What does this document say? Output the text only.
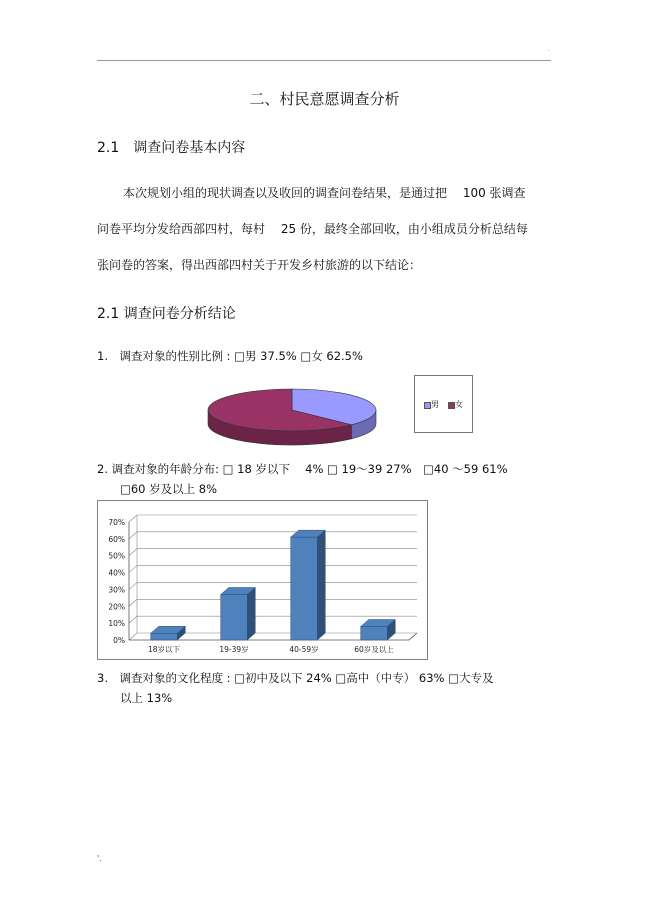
·
二、村民意愿调查分析
2.1　调查问卷基本内容
本次规划小组的现状调查以及收回的调查问卷结果，是通过把　 100 张调查
问卷平均分发给西部四村，每村　 25 份，最终全部回收，由小组成员分析总结每
张问卷的答案，得出西部四村关于开发乡村旅游的以下结论：
2.1 调查问卷分析结论
1.　调查对象的性别比例 : □男 37.5% □女 62.5%
男 女
2. 调查对象的年龄分布: □ 18 岁以下　 4% □ 19～39 27%　□40 ～59 61%
□60 岁及以上 8%
0%
10%
20%
30%
40%
50%
60%
70%
18岁以下	19-39岁	40-59岁	60岁及以上
3.　调查对象的文化程度 : □初中及以下 24% □高中（中专） 63% □大专及
以上 13%
'.
